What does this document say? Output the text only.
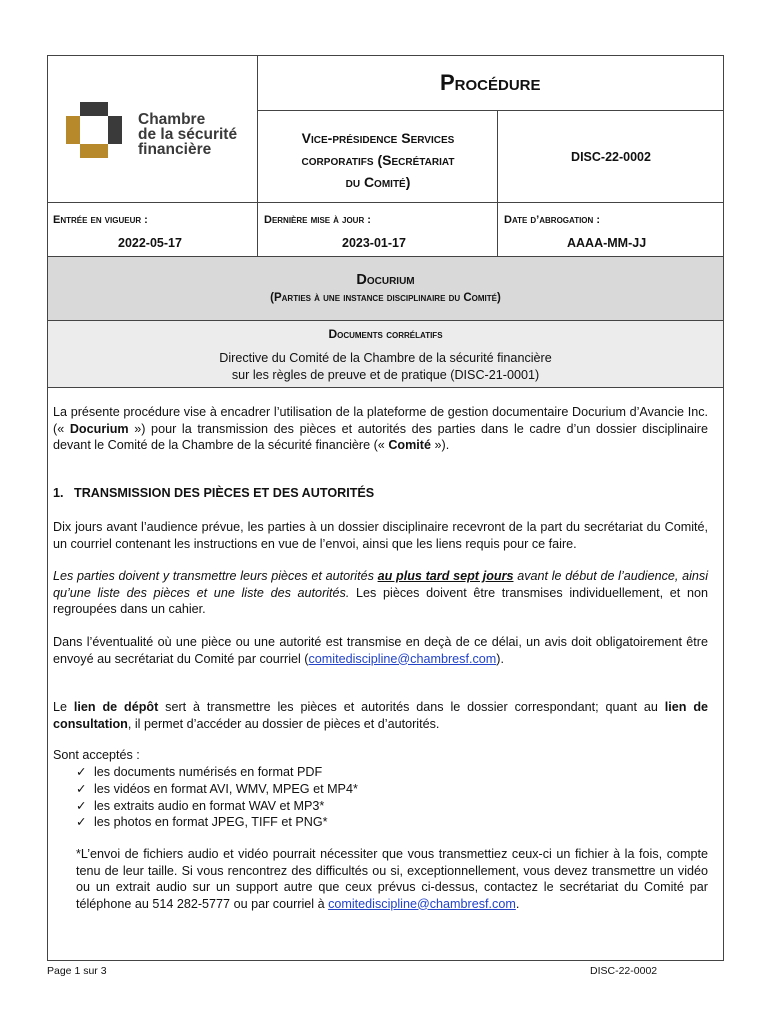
Chambre
de la sécurité
financière
Procédure
Vice-présidence Services
corporatifs (Secrétariat
du Comité)
DISC-22-0002
Entrée en vigueur :
2022-05-17
Dernière mise à jour :
2023-01-17
Date d’abrogation :
AAAA-MM-JJ
Docurium
(Parties à une instance disciplinaire du Comité)
Documents corrélatifs
Directive du Comité de la Chambre de la sécurité financière
sur les règles de preuve et de pratique (DISC-21-0001)
La présente procédure vise à encadrer l’utilisation de la plateforme de gestion documentaire Docurium d’Avancie Inc. (« Docurium ») pour la transmission des pièces et autorités des parties dans le cadre d’un dossier disciplinaire devant le Comité de la Chambre de la sécurité financière (« Comité »).
1.   TRANSMISSION DES PIÈCES ET DES AUTORITÉS
Dix jours avant l’audience prévue, les parties à un dossier disciplinaire recevront de la part du secrétariat du Comité, un courriel contenant les instructions en vue de l’envoi, ainsi que les liens requis pour ce faire.
Les parties doivent y transmettre leurs pièces et autorités au plus tard sept jours avant le début de l’audience, ainsi qu’une liste des pièces et une liste des autorités. Les pièces doivent être transmises individuellement, et non regroupées dans un cahier.
Dans l’éventualité où une pièce ou une autorité est transmise en deçà de ce délai, un avis doit obligatoirement être envoyé au secrétariat du Comité par courriel (comitediscipline@chambresf.com).
Le lien de dépôt sert à transmettre les pièces et autorités dans le dossier correspondant; quant au lien de consultation, il permet d’accéder au dossier de pièces et d’autorités.
Sont acceptés :
✓ les documents numérisés en format PDF
✓ les vidéos en format AVI, WMV, MPEG et MP4*
✓ les extraits audio en format WAV et MP3*
✓ les photos en format JPEG, TIFF et PNG*
*L’envoi de fichiers audio et vidéo pourrait nécessiter que vous transmettiez ceux-ci un fichier à la fois, compte tenu de leur taille. Si vous rencontrez des difficultés ou si, exceptionnellement, vous devez transmettre un vidéo ou un extrait audio sur un support autre que ceux prévus ci-dessus, contactez le secrétariat du Comité par téléphone au 514 282-5777 ou par courriel à comitediscipline@chambresf.com.
Page 1 sur 3	DISC-22-0002
